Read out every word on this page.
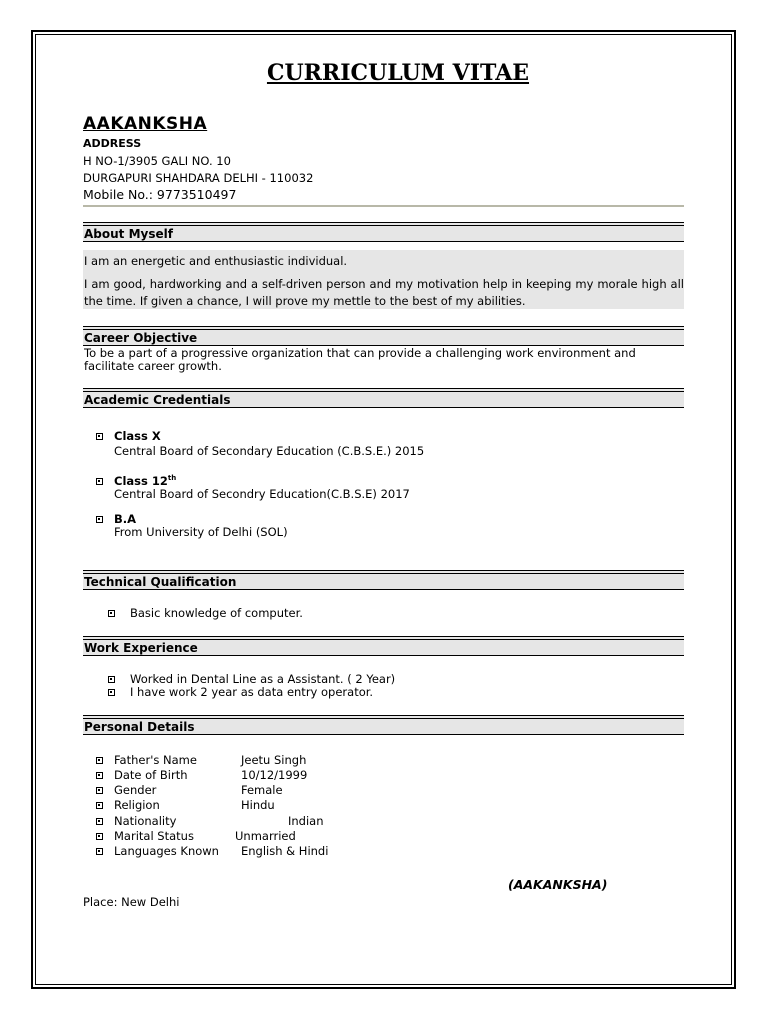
CURRICULUM VITAE
AAKANKSHA
ADDRESS
H NO-1/3905 GALI NO. 10
DURGAPURI SHAHDARA DELHI - 110032
Mobile No.: 9773510497
About Myself
I am an energetic and enthusiastic individual.
I am good, hardworking and a self-driven person and my motivation help in keeping my morale high all the time. If given a chance, I will prove my mettle to the best of my abilities.
Career Objective
To be a part of a progressive organization that can provide a challenging work environment and facilitate career growth.
Academic Credentials
Class X
Central Board of Secondary Education (C.B.S.E.) 2015
Class 12th
Central Board of Secondry Education(C.B.S.E) 2017
B.A
From University of Delhi (SOL)
Technical Qualification
Basic knowledge of computer.
Work Experience
Worked in Dental Line as a Assistant. ( 2 Year)
I have work 2 year as data entry operator.
Personal Details
Father's Name	Jeetu Singh
Date of Birth	10/12/1999
Gender	Female
Religion	Hindu
Nationality	Indian
Marital Status	Unmarried
Languages Known English & Hindi
(AAKANKSHA)
Place: New Delhi
